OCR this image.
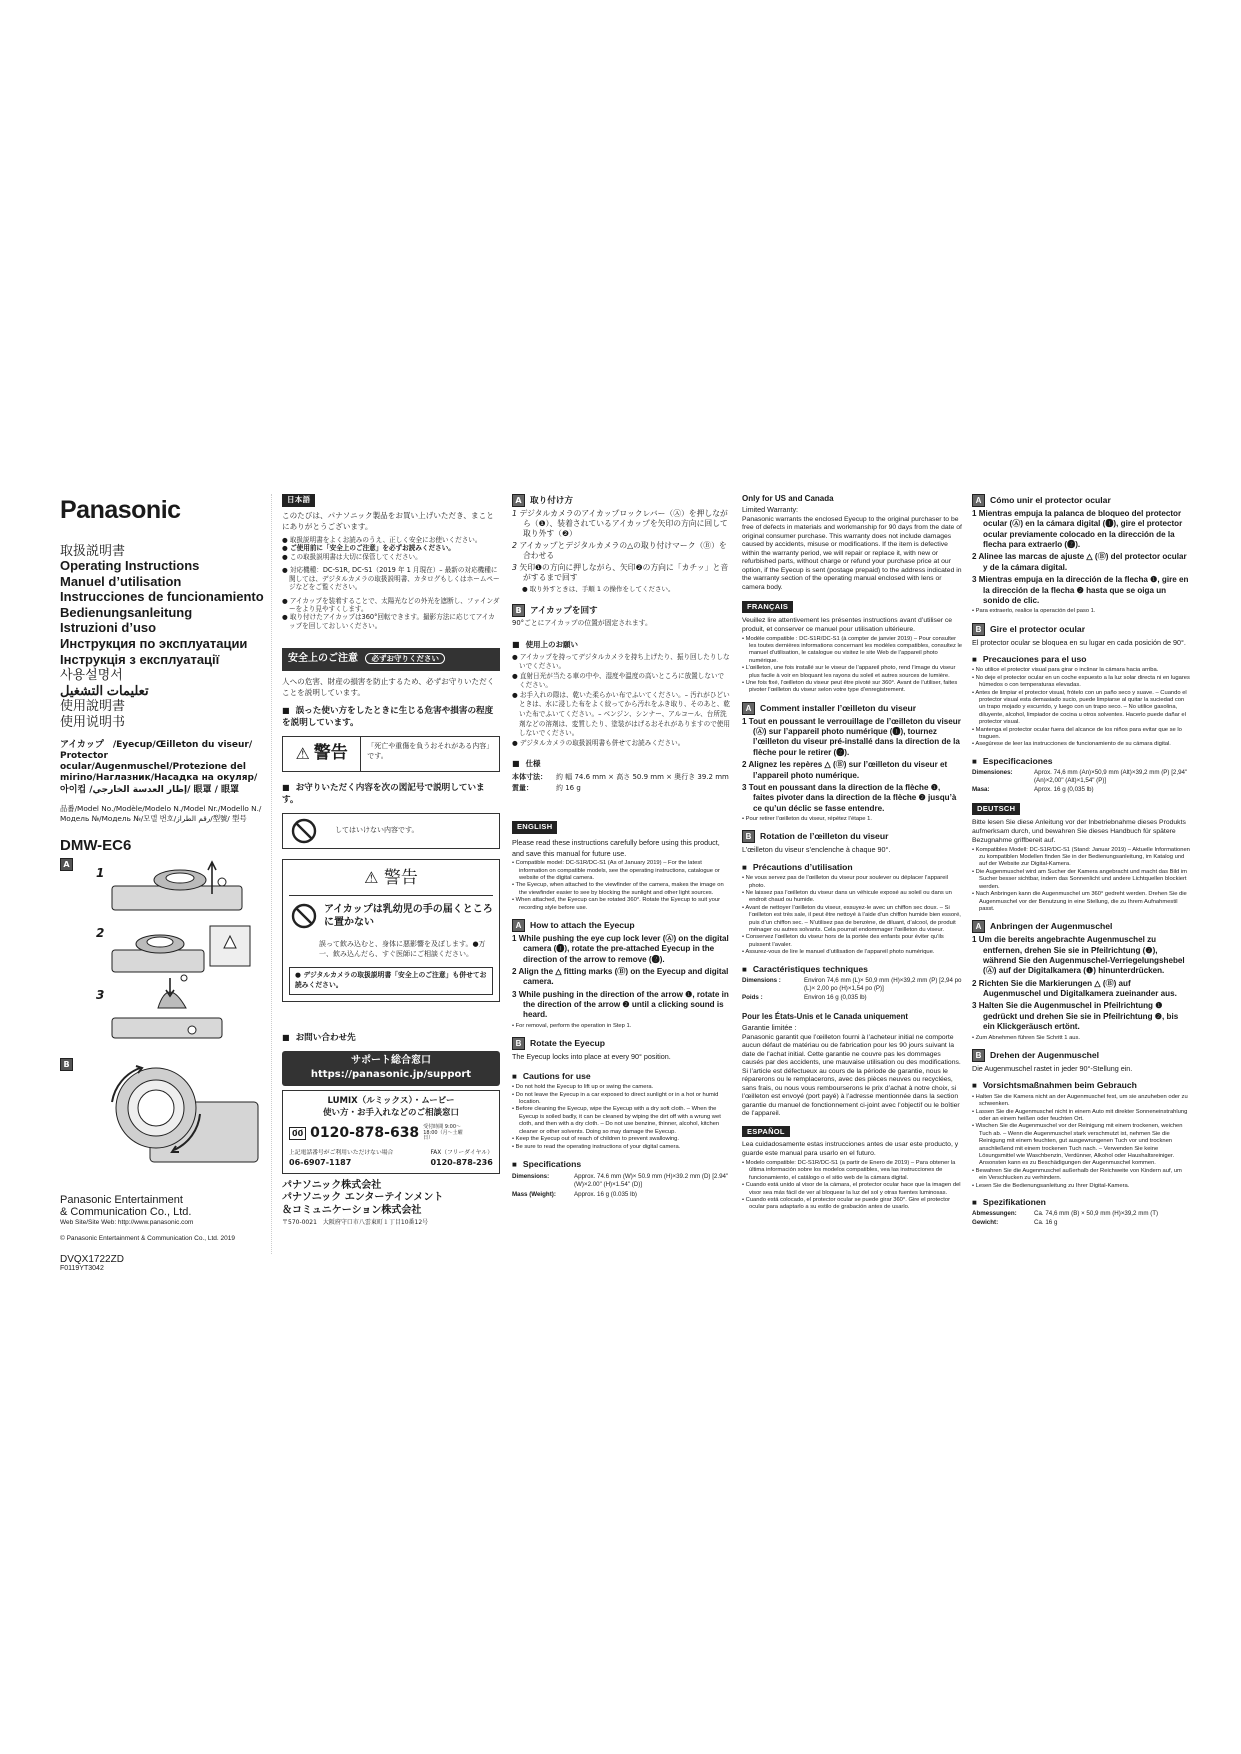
Panasonic
取扱説明書
Operating Instructions
Manuel d’utilisation
Instrucciones de funcionamiento
Bedienungsanleitung
Istruzioni d’uso
Инструкция по эксплуатации
Інструкція з експлуатації
사용설명서
تعليمات التشغيل
使用說明書
使用说明书
アイカップ　/Eyecup/Œilleton du viseur/ Protector ocular/Augenmuschel/Protezione del mirino/Наглазник/Насадка на окуляр/ 아이컵 /إطار العدسة الخارجي/ 眼罩 / 眼罩
品番/Model No./Modèle/Modelo N./Model Nr./Modello N./ Модель №/Модель №/모델 번호/رقم الطراز/型號/ 型号
DMW-EC6
A
1
2
3
B
Panasonic Entertainment
& Communication Co., Ltd.
Web Site/Site Web: http://www.panasonic.com
© Panasonic Entertainment & Communication Co., Ltd. 2019
DVQX1722ZD
F0119YT3042
日本語
このたびは、パナソニック製品をお買い上げいただき、まことにありがとうございます。
● 取扱説明書をよくお読みのうえ、正しく安全にお使いください。
● ご使用前に「安全上のご注意」を必ずお読みください。
● この取扱説明書は大切に保管してください。
● 対応機種：DC-S1R, DC-S1（2019 年 1 月現在）– 最新の対応機種に関しては、デジタルカメラの取扱説明書、カタログもしくはホームページなどをご覧ください。
● アイカップを装着することで、太陽光などの外光を遮断し、ファインダーをより見やすくします。
● 取り付けたアイカップは360°回転できます。撮影方法に応じてアイカップを回しておしいください。
安全上のご注意 必ずお守りください
人への危害、財産の損害を防止するため、必ずお守りいただくことを説明しています。
■ 誤った使い方をしたときに生じる危害や損害の程度を説明しています。
⚠ 警告	「死亡や重傷を負うおそれがある内容」です。
■ お守りいただく内容を次の図記号で説明しています。
してはいけない内容です。
⚠ 警告
アイカップは乳幼児の手の届くところに置かない
誤って飲み込むと、身体に悪影響を及ぼします。●万一、飲み込んだら、すぐ医師にご相談ください。
● デジタルカメラの取扱説明書「安全上のご注意」も併せてお読みください。
■ お問い合わせ先
サポート総合窓口
https://panasonic.jp/support
LUMIX（ルミックス）・ムービー
使い方・お手入れなどのご相談窓口
0́0́ 0120-878-638 受付時間 9:00〜18:00（月〜土曜日）
上記電話番号がご利用いただけない場合
06-6907-1187
FAX（フリーダイヤル）
0120-878-236
パナソニック株式会社
パナソニック エンターテインメント
＆コミュニケーション株式会社
〒570-0021　大阪府守口市八雲東町１丁目10番12号
A 取り付け方
1 デジタルカメラのアイカップロックレバー（Ⓐ）を押しながら（❶）、装着されているアイカップを矢印の方向に回して取り外す（❷）
2 アイカップとデジタルカメラの△の取り付けマーク（Ⓑ）を合わせる
3 矢印❶の方向に押しながら、矢印❷の方向に「カチッ」と音がするまで回す
● 取り外すときは、手順 1 の操作をしてください。
B アイカップを回す
90°ごとにアイカップの位置が固定されます。
■ 使用上のお願い
● アイカップを持ってデジタルカメラを持ち上げたり、振り回したりしないでください。
● 直射日光が当たる車の中や、湿度や温度の高いところに放置しないでください。
● お手入れの際は、乾いた柔らかい布でふいてください。– 汚れがひどいときは、水に浸した布をよく絞ってから汚れをふき取り、そのあと、乾いた布でふいてください。– ベンジン、シンナー、アルコール、台所洗剤などの溶剤は、変質したり、塗装がはげるおそれがありますので使用しないでください。
● デジタルカメラの取扱説明書も併せてお読みください。
■ 仕様
本体寸法：	約 幅 74.6 mm × 高さ 50.9 mm × 奥行き 39.2 mm
質量：	約 16 g
ENGLISH
Please read these instructions carefully before using this product, and save this manual for future use.
• Compatible model: DC-S1R/DC-S1 (As of January 2019) – For the latest information on compatible models, see the operating instructions, catalogue or website of the digital camera.
• The Eyecup, when attached to the viewfinder of the camera, makes the image on the viewfinder easier to see by blocking the sunlight and other light sources.
• When attached, the Eyecup can be rotated 360°. Rotate the Eyecup to suit your recording style before use.
A How to attach the Eyecup
1 While pushing the eye cup lock lever (Ⓐ) on the digital camera (❶), rotate the pre-attached Eyecup in the direction of the arrow to remove (❷).
2 Align the △ fitting marks (Ⓑ) on the Eyecup and digital camera.
3 While pushing in the direction of the arrow ❶, rotate in the direction of the arrow ❷ until a clicking sound is heard.
• For removal, perform the operation in Step 1.
B Rotate the Eyecup
The Eyecup locks into place at every 90° position.
■ Cautions for use
• Do not hold the Eyecup to lift up or swing the camera.
• Do not leave the Eyecup in a car exposed to direct sunlight or in a hot or humid location.
• Before cleaning the Eyecup, wipe the Eyecup with a dry soft cloth. – When the Eyecup is soiled badly, it can be cleaned by wiping the dirt off with a wrung wet cloth, and then with a dry cloth. – Do not use benzine, thinner, alcohol, kitchen cleaner or other solvents. Doing so may damage the Eyecup.
• Keep the Eyecup out of reach of children to prevent swallowing.
• Be sure to read the operating instructions of your digital camera.
■ Specifications
Dimensions:	Approx. 74.6 mm (W)× 50.9 mm (H)×39.2 mm (D) [2.94" (W)×2.00" (H)×1.54" (D)]
Mass (Weight):	Approx. 16 g (0.035 lb)
Only for US and Canada
Limited Warranty:
Panasonic warrants the enclosed Eyecup to the original purchaser to be free of defects in materials and workmanship for 90 days from the date of original consumer purchase. This warranty does not include damages caused by accidents, misuse or modifications. If the item is defective within the warranty period, we will repair or replace it, with new or refurbished parts, without charge or refund your purchase price at our option, if the Eyecup is sent (postage prepaid) to the address indicated in the warranty section of the operating manual enclosed with lens or camera body.
FRANÇAIS
Veuillez lire attentivement les présentes instructions avant d’utiliser ce produit, et conserver ce manuel pour utilisation ultérieure.
• Modèle compatible : DC-S1R/DC-S1 (à compter de janvier 2019) – Pour consulter les toutes dernières informations concernant les modèles compatibles, consultez le manuel d’utilisation, le catalogue ou visitez le site Web de l’appareil photo numérique.
• L’œilleton, une fois installé sur le viseur de l’appareil photo, rend l’image du viseur plus facile à voir en bloquant les rayons du soleil et autres sources de lumière.
• Une fois fixé, l’œilleton du viseur peut être pivoté sur 360°. Avant de l’utiliser, faites pivoter l’œilleton du viseur selon votre type d’enregistrement.
A Comment installer l’œilleton du viseur
1 Tout en poussant le verrouillage de l’œilleton du viseur (Ⓐ) sur l’appareil photo numérique (❶), tournez l’œilleton du viseur pré-installé dans la direction de la flèche pour le retirer (❷).
2 Alignez les repères △ (Ⓑ) sur l’œilleton du viseur et l’appareil photo numérique.
3 Tout en poussant dans la direction de la flèche ❶, faites pivoter dans la direction de la flèche ❷ jusqu’à ce qu’un déclic se fasse entendre.
• Pour retirer l’œilleton du viseur, répétez l’étape 1.
B Rotation de l’œilleton du viseur
L’œilleton du viseur s’enclenche à chaque 90°.
■ Précautions d’utilisation
• Ne vous servez pas de l’œilleton du viseur pour soulever ou déplacer l’appareil photo.
• Ne laissez pas l’œilleton du viseur dans un véhicule exposé au soleil ou dans un endroit chaud ou humide.
• Avant de nettoyer l’œilleton du viseur, essuyez-le avec un chiffon sec doux. – Si l’œilleton est très sale, il peut être nettoyé à l’aide d’un chiffon humide bien essoré, puis d’un chiffon sec. – N’utilisez pas de benzène, de diluant, d’alcool, de produit ménager ou autres solvants. Cela pourrait endommager l’œilleton du viseur.
• Conservez l’œilleton du viseur hors de la portée des enfants pour éviter qu’ils puissent l’avaler.
• Assurez-vous de lire le manuel d’utilisation de l’appareil photo numérique.
■ Caractéristiques techniques
Dimensions :	Environ 74,6 mm (L)× 50,9 mm (H)×39,2 mm (P) [2,94 po (L)× 2,00 po (H)×1,54 po (P)]
Poids :	Environ 16 g (0,035 lb)
Pour les États-Unis et le Canada uniquement
Garantie limitée :
Panasonic garantit que l’œilleton fourni à l’acheteur initial ne comporte aucun défaut de matériau ou de fabrication pour les 90 jours suivant la date de l’achat initial. Cette garantie ne couvre pas les dommages causés par des accidents, une mauvaise utilisation ou des modifications. Si l’article est défectueux au cours de la période de garantie, nous le réparerons ou le remplacerons, avec des pièces neuves ou recyclées, sans frais, ou nous vous rembourserons le prix d’achat à notre choix, si l’œilleton est envoyé (port payé) à l’adresse mentionnée dans la section garantie du manuel de fonctionnement ci-joint avec l’objectif ou le boîtier de l’appareil.
ESPAÑOL
Lea cuidadosamente estas instrucciones antes de usar este producto, y guarde este manual para usarlo en el futuro.
• Modelo compatible: DC-S1R/DC-S1 (a partir de Enero de 2019) – Para obtener la última información sobre los modelos compatibles, vea las instrucciones de funcionamiento, el catálogo o el sitio web de la cámara digital.
• Cuando está unido al visor de la cámara, el protector ocular hace que la imagen del visor sea más fácil de ver al bloquear la luz del sol y otras fuentes luminosas.
• Cuando está colocado, el protector ocular se puede girar 360°. Gire el protector ocular para adaptarlo a su estilo de grabación antes de usarlo.
A Cómo unir el protector ocular
1 Mientras empuja la palanca de bloqueo del protector ocular (Ⓐ) en la cámara digital (❶), gire el protector ocular previamente colocado en la dirección de la flecha para extraerlo (❷).
2 Alinee las marcas de ajuste △ (Ⓑ) del protector ocular y de la cámara digital.
3 Mientras empuja en la dirección de la flecha ❶, gire en la dirección de la flecha ❷ hasta que se oiga un sonido de clic.
• Para extraerlo, realice la operación del paso 1.
B Gire el protector ocular
El protector ocular se bloquea en su lugar en cada posición de 90°.
■ Precauciones para el uso
• No utilice el protector visual para girar o inclinar la cámara hacia arriba.
• No deje el protector ocular en un coche expuesto a la luz solar directa ni en lugares húmedos o con temperaturas elevadas.
• Antes de limpiar el protector visual, frótelo con un paño seco y suave. – Cuando el protector visual esta demasiado sucio, puede limpiarse al quitar la suciedad con un trapo mojado y escurrido, y luego con un trapo seco. – No utilice gasolina, diluyente, alcohol, limpiador de cocina u otros solventes. Hacerlo puede dañar el protector visual.
• Mantenga el protector ocular fuera del alcance de los niños para evitar que se lo traguen.
• Asegúrese de leer las instrucciones de funcionamiento de su cámara digital.
■ Especificaciones
Dimensiones:	Aprox. 74,6 mm (An)×50,9 mm (Alt)×39,2 mm (P) [2,94" (An)×2,00" (Alt)×1,54" (P)]
Masa:	Aprox. 16 g (0,035 lb)
DEUTSCH
Bitte lesen Sie diese Anleitung vor der Inbetriebnahme dieses Produkts aufmerksam durch, und bewahren Sie dieses Handbuch für spätere Bezugnahme griffbereit auf.
• Kompatibles Modell: DC-S1R/DC-S1 (Stand: Januar 2019) – Aktuelle Informationen zu kompatiblen Modellen finden Sie in der Bedienungsanleitung, im Katalog und auf der Website zur Digital-Kamera.
• Die Augenmuschel wird am Sucher der Kamera angebracht und macht das Bild im Sucher besser sichtbar, indem das Sonnenlicht und andere Lichtquellen blockiert werden.
• Nach Anbringen kann die Augenmuschel um 360° gedreht werden. Drehen Sie die Augenmuschel vor der Benutzung in eine Stellung, die zu Ihrem Aufnahmestil passt.
A Anbringen der Augenmuschel
1 Um die bereits angebrachte Augenmuschel zu entfernen, drehen Sie sie in Pfeilrichtung (❷), während Sie den Augenmuschel-Verriegelungshebel (Ⓐ) auf der Digitalkamera (❶) hinunterdrücken.
2 Richten Sie die Markierungen △ (Ⓑ) auf Augenmuschel und Digitalkamera zueinander aus.
3 Halten Sie die Augenmuschel in Pfeilrichtung ❶ gedrückt und drehen Sie sie in Pfeilrichtung ❷, bis ein Klickgeräusch ertönt.
• Zum Abnehmen führen Sie Schritt 1 aus.
B Drehen der Augenmuschel
Die Augenmuschel rastet in jeder 90°-Stellung ein.
■ Vorsichtsmaßnahmen beim Gebrauch
• Halten Sie die Kamera nicht an der Augenmuschel fest, um sie anzuheben oder zu schwenken.
• Lassen Sie die Augenmuschel nicht in einem Auto mit direkter Sonneneinstrahlung oder an einem heißen oder feuchten Ort.
• Wischen Sie die Augenmuschel vor der Reinigung mit einem trockenen, weichen Tuch ab. – Wenn die Augenmuschel stark verschmutzt ist, nehmen Sie die Reinigung mit einem feuchten, gut ausgewrungenen Tuch vor und trocknen anschließend mit einem trockenen Tuch nach. – Verwenden Sie keine Lösungsmittel wie Waschbenzin, Verdünner, Alkohol oder Haushaltsreiniger. Ansonsten kann es zu Beschädigungen der Augenmuschel kommen.
• Bewahren Sie die Augenmuschel außerhalb der Reichweite von Kindern auf, um ein Verschlucken zu verhindern.
• Lesen Sie die Bedienungsanleitung zu Ihrer Digital-Kamera.
■ Spezifikationen
Abmessungen:	Ca. 74,6 mm (B) × 50,9 mm (H)×39,2 mm (T)
Gewicht:	Ca. 16 g
